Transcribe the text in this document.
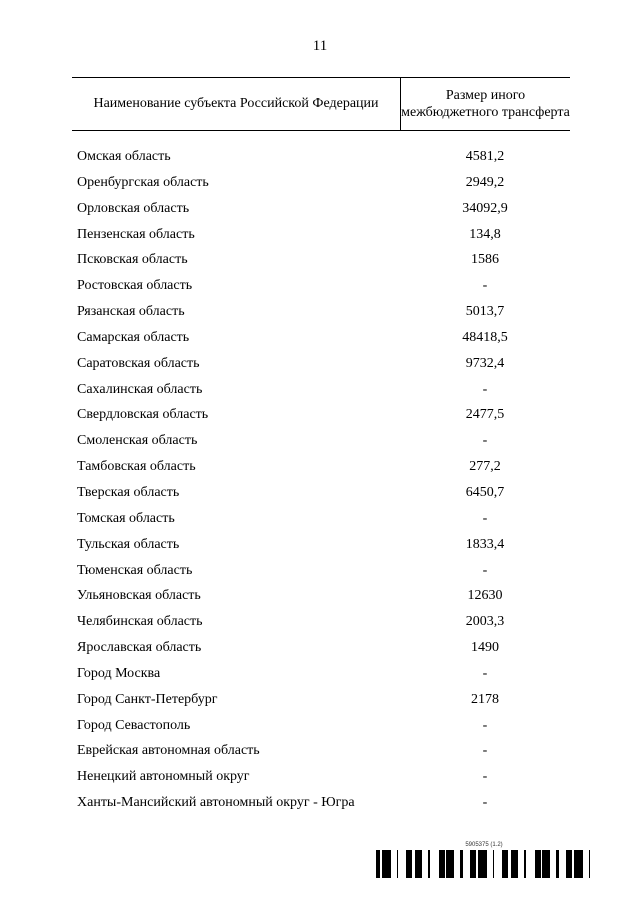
11
Наименование субъекта Российской Федерации
Размер иного межбюджетного трансферта
Омская область	4581,2
Оренбургская область	2949,2
Орловская область	34092,9
Пензенская область	134,8
Псковская область	1586
Ростовская область	-
Рязанская область	5013,7
Самарская область	48418,5
Саратовская область	9732,4
Сахалинская область	-
Свердловская область	2477,5
Смоленская область	-
Тамбовская область	277,2
Тверская область	6450,7
Томская область	-
Тульская область	1833,4
Тюменская область	-
Ульяновская область	12630
Челябинская область	2003,3
Ярославская область	1490
Город Москва	-
Город Санкт-Петербург	2178
Город Севастополь	-
Еврейская автономная область	-
Ненецкий автономный округ	-
Ханты-Мансийский автономный округ - Югра	-
5905375 (1.2)
